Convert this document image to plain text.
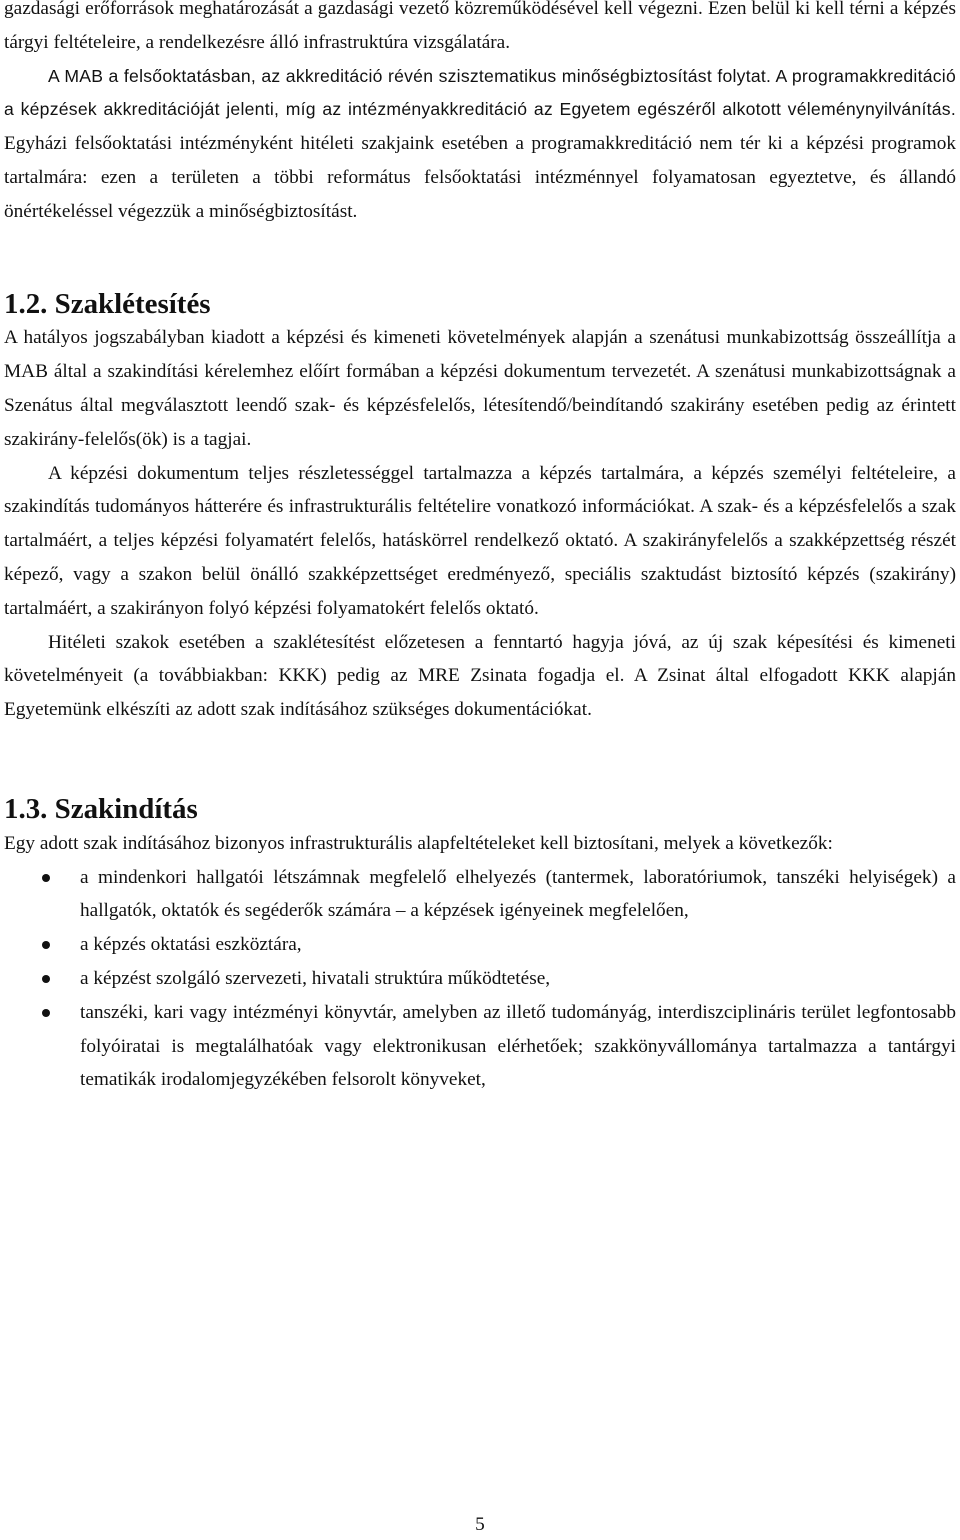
gazdasági erőforrások meghatározását a gazdasági vezető közreműködésével kell végezni. Ezen belül ki kell térni a képzés tárgyi feltételeire, a rendelkezésre álló infrastruktúra vizsgálatára.

A MAB a felsőoktatásban, az akkreditáció révén szisztematikus minőségbiztosítást folytat. A programakkreditáció a képzések akkreditációját jelenti, míg az intézményakkreditáció az Egyetem egészéről alkotott véleménynyilvánítás. Egyházi felsőoktatási intézményként hitéleti szakjaink esetében a programakkreditáció nem tér ki a képzési programok tartalmára: ezen a területen a többi református felsőoktatási intézménnyel folyamatosan egyeztetve, és állandó önértékeléssel végezzük a minőségbiztosítást.

1.2. Szaklétesítés

A hatályos jogszabályban kiadott a képzési és kimeneti követelmények alapján a szenátusi munkabizottság összeállítja a MAB által a szakindítási kérelemhez előírt formában a képzési dokumentum tervezetét. A szenátusi munkabizottságnak a Szenátus által megválasztott leendő szak- és képzésfelelős, létesítendő/beindítandó szakirány esetében pedig az érintett szakirány-felelős(ök) is a tagjai.

A képzési dokumentum teljes részletességgel tartalmazza a képzés tartalmára, a képzés személyi feltételeire, a szakindítás tudományos hátterére és infrastrukturális feltételire vonatkozó információkat. A szak- és a képzésfelelős a szak tartalmáért, a teljes képzési folyamatért felelős, hatáskörrel rendelkező oktató. A szakirányfelelős a szakképzettség részét képező, vagy a szakon belül önálló szakképzettséget eredményező, speciális szaktudást biztosító képzés (szakirány) tartalmáért, a szakirányon folyó képzési folyamatokért felelős oktató.

Hitéleti szakok esetében a szaklétesítést előzetesen a fenntartó hagyja jóvá, az új szak képesítési és kimeneti követelményeit (a továbbiakban: KKK) pedig az MRE Zsinata fogadja el. A Zsinat által elfogadott KKK alapján Egyetemünk elkészíti az adott szak indításához szükséges dokumentációkat.

1.3. Szakindítás

Egy adott szak indításához bizonyos infrastrukturális alapfeltételeket kell biztosítani, melyek a következők:

a mindenkori hallgatói létszámnak megfelelő elhelyezés (tantermek, laboratóriumok, tanszéki helyiségek) a hallgatók, oktatók és segéderők számára – a képzések igényeinek megfelelően,
a képzés oktatási eszköztára,
a képzést szolgáló szervezeti, hivatali struktúra működtetése,
tanszéki, kari vagy intézményi könyvtár, amelyben az illető tudományág, interdiszciplináris terület legfontosabb folyóiratai is megtalálhatóak vagy elektronikusan elérhetőek; szakkönyvállománya tartalmazza a tantárgyi tematikák irodalomjegyzékében felsorolt könyveket,
5
